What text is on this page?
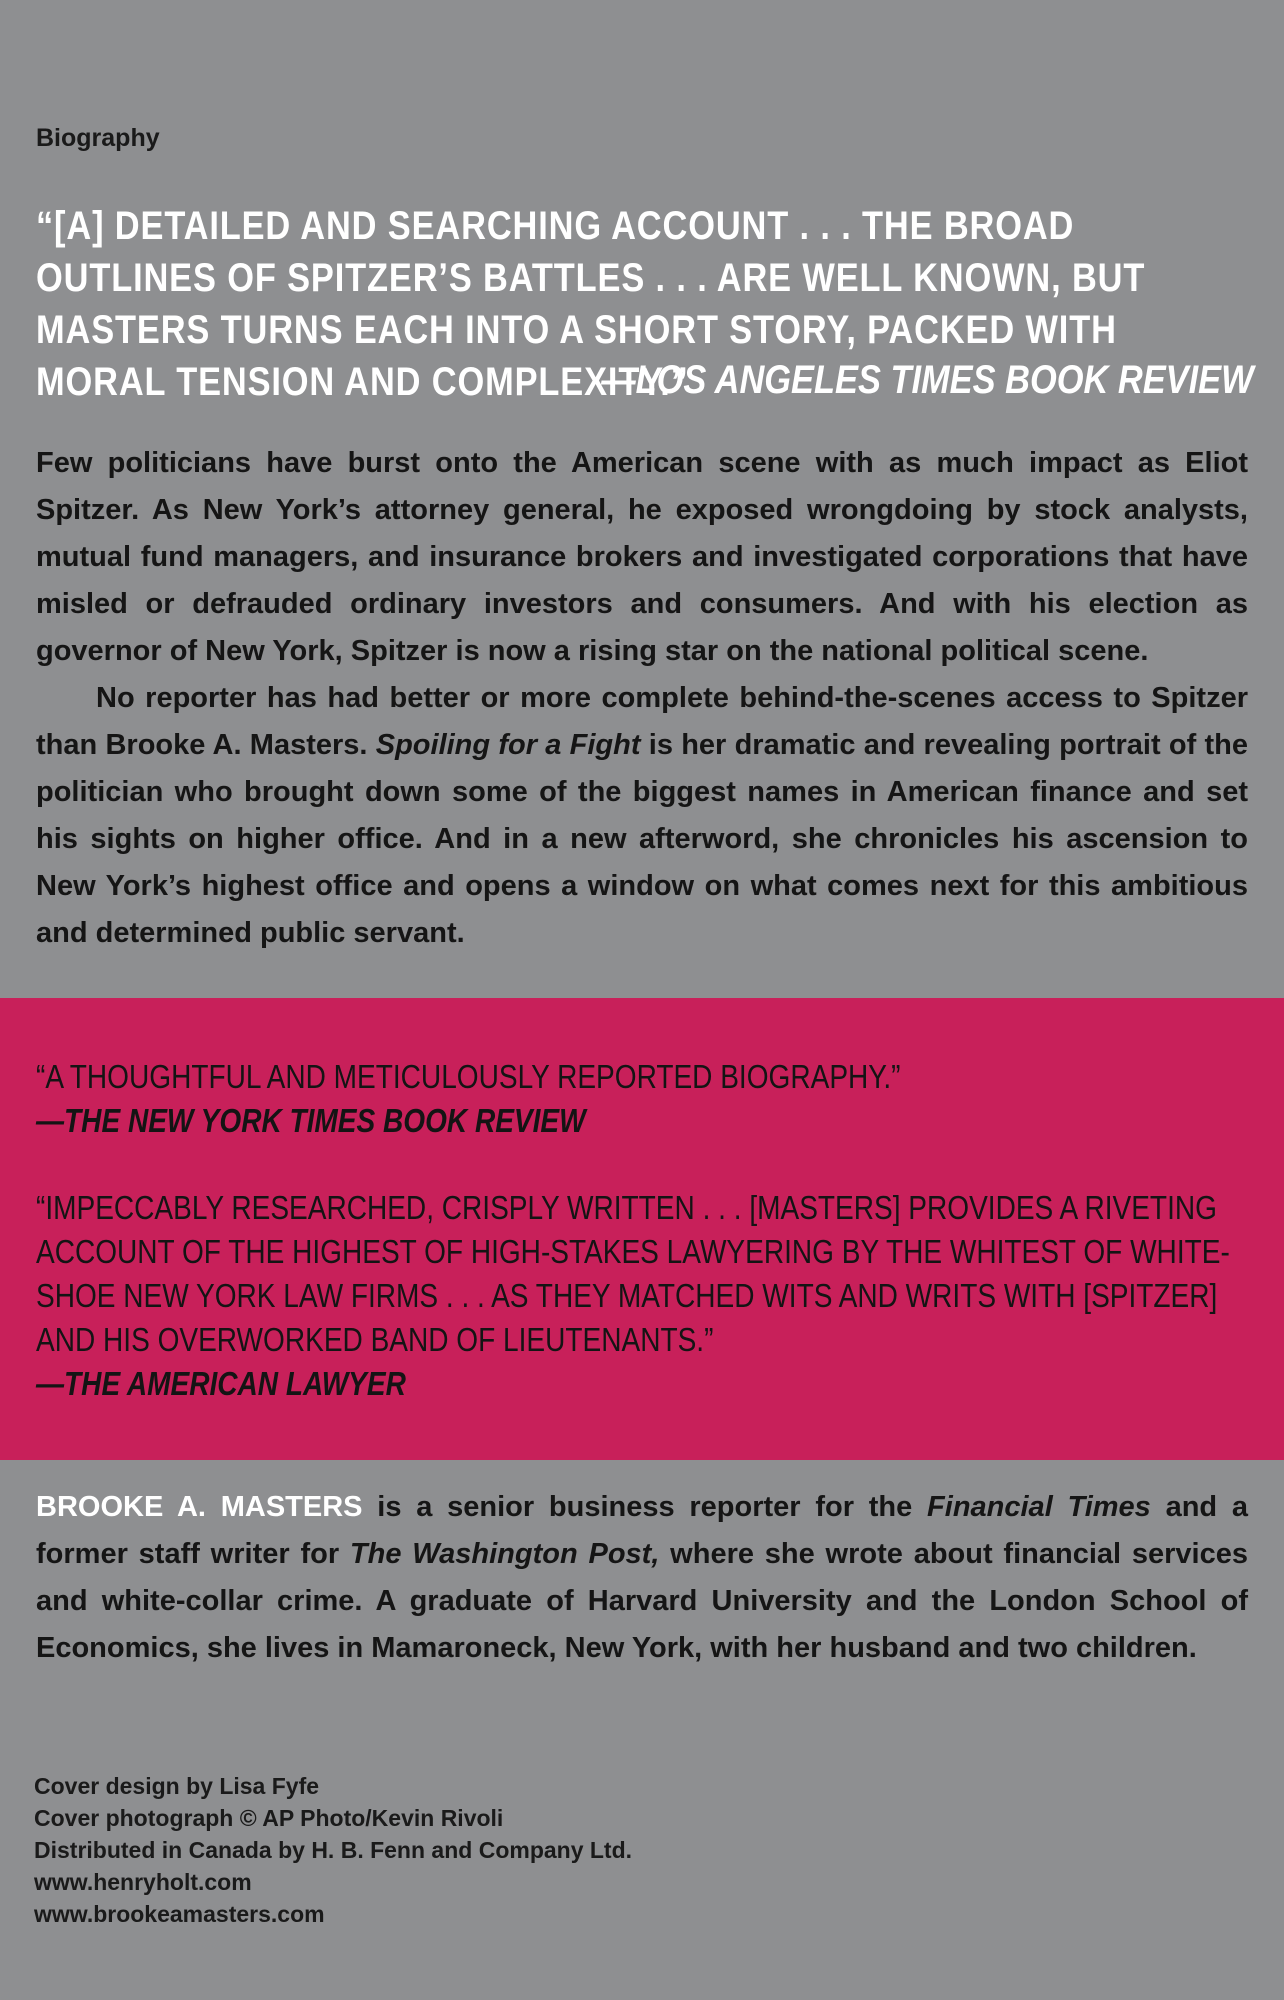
Biography
“[A] DETAILED AND SEARCHING ACCOUNT . . . THE BROAD OUTLINES OF SPITZER’S BATTLES . . . ARE WELL KNOWN, BUT MASTERS TURNS EACH INTO A SHORT STORY, PACKED WITH MORAL TENSION AND COMPLEXITY.”
—LOS ANGELES TIMES BOOK REVIEW

Few politicians have burst onto the American scene with as much impact as Eliot Spitzer. As New York’s attorney general, he exposed wrongdoing by stock analysts, mutual fund managers, and insurance brokers and investigated corporations that have misled or defrauded ordinary investors and consumers. And with his election as governor of New York, Spitzer is now a rising star on the national political scene.

No reporter has had better or more complete behind-the-scenes access to Spitzer than Brooke A. Masters. Spoiling for a Fight is her dramatic and revealing portrait of the politician who brought down some of the biggest names in American finance and set his sights on higher office. And in a new afterword, she chronicles his ascension to New York’s highest office and opens a window on what comes next for this ambitious and determined public servant.

“A THOUGHTFUL AND METICULOUSLY REPORTED BIOGRAPHY.”
—THE NEW YORK TIMES BOOK REVIEW
“IMPECCABLY RESEARCHED, CRISPLY WRITTEN . . . [MASTERS] PROVIDES A RIVETING ACCOUNT OF THE HIGHEST OF HIGH-STAKES LAWYERING BY THE WHITEST OF WHITE-SHOE NEW YORK LAW FIRMS . . . AS THEY MATCHED WITS AND WRITS WITH [SPITZER] AND HIS OVERWORKED BAND OF LIEUTENANTS.”
—THE AMERICAN LAWYER

BROOKE A. MASTERS is a senior business reporter for the Financial Times and a former staff writer for The Washington Post, where she wrote about financial services and white-collar crime. A graduate of Harvard University and the London School of Economics, she lives in Mamaroneck, New York, with her husband and two children.

Cover design by Lisa Fyfe
Cover photograph © AP Photo/Kevin Rivoli
Distributed in Canada by H. B. Fenn and Company Ltd.
www.henryholt.com
www.brookeamasters.com
